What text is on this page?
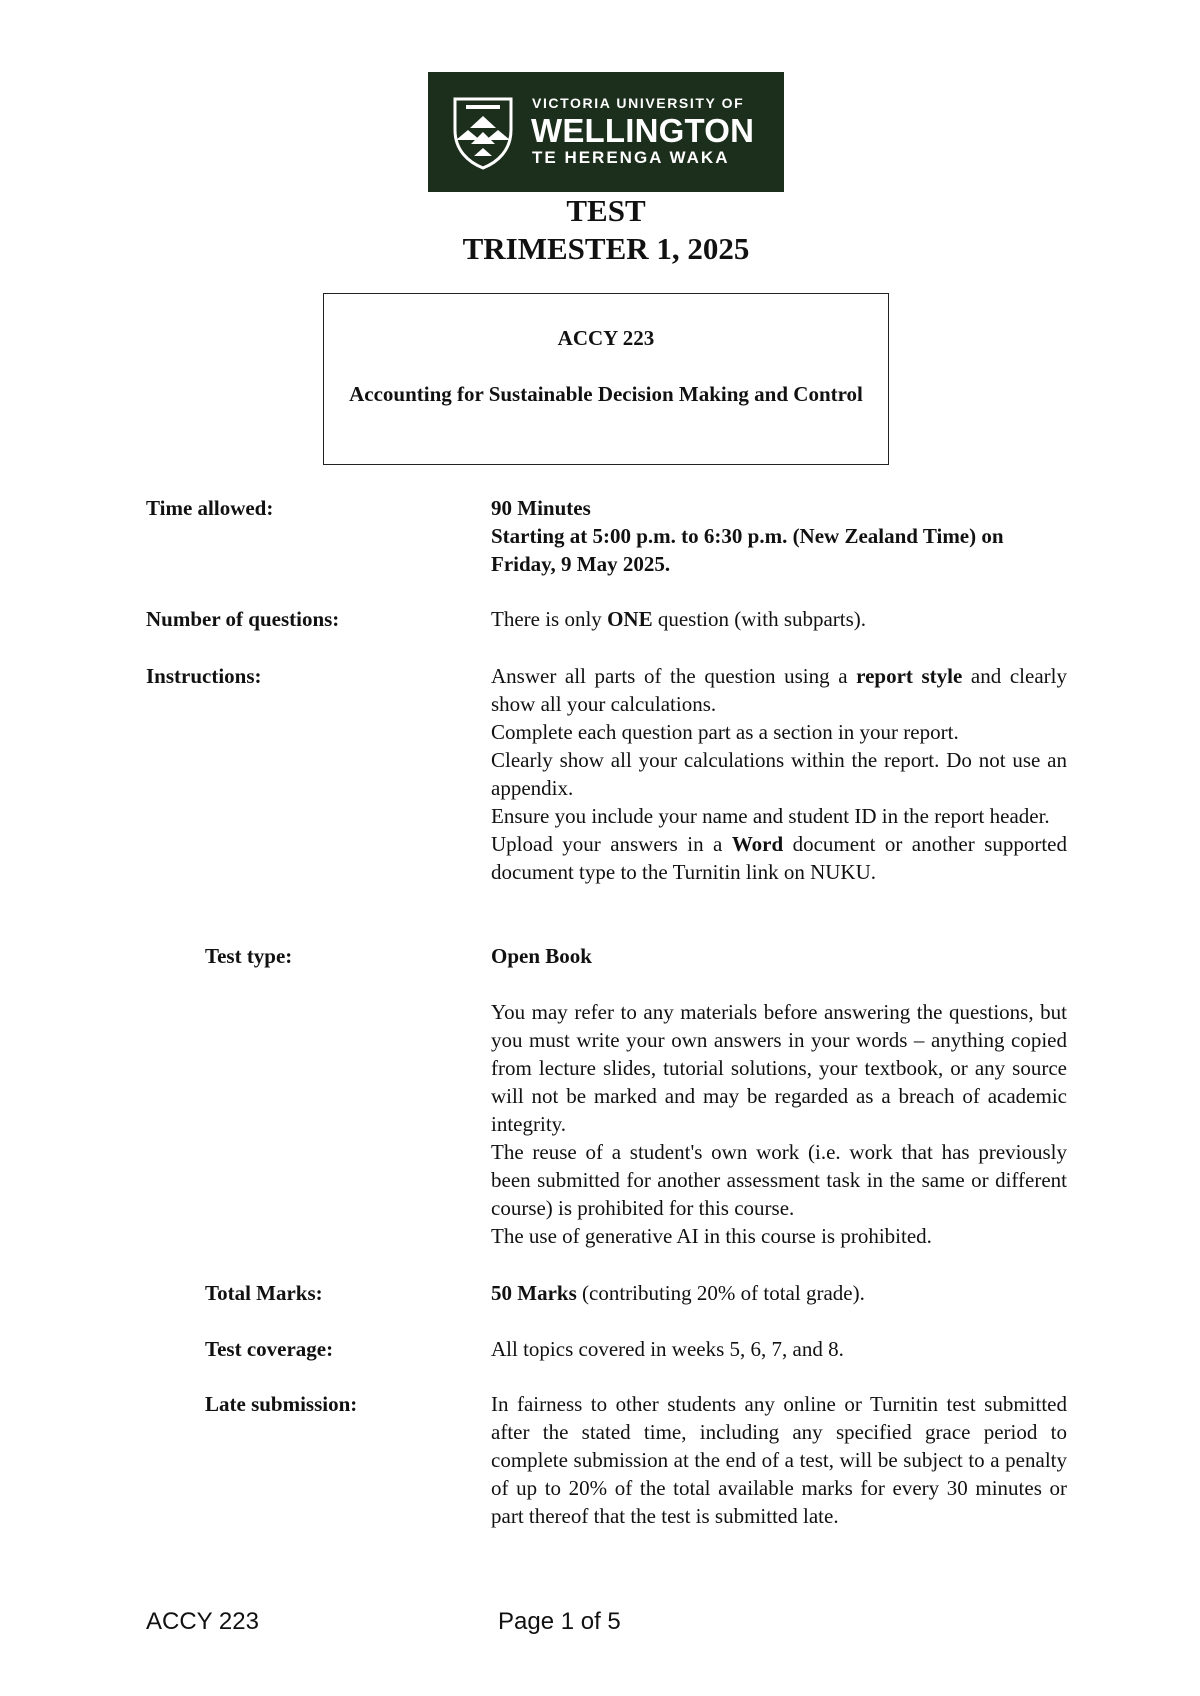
VICTORIA UNIVERSITY OF
WELLINGTON
TE HERENGA WAKA
TEST
TRIMESTER 1, 2025
ACCY 223
Accounting for Sustainable Decision Making and Control
Time allowed:	90 Minutes
Starting at 5:00 p.m. to 6:30 p.m. (New Zealand Time) on Friday, 9 May 2025.
Number of questions:	There is only ONE question (with subparts).
Instructions:	Answer all parts of the question using a report style and clearly show all your calculations.

Complete each question part as a section in your report.

Clearly show all your calculations within the report. Do not use an appendix.

Ensure you include your name and student ID in the report header.

Upload your answers in a Word document or another supported document type to the Turnitin link on NUKU.

Test type:	Open Book

You may refer to any materials before answering the questions, but you must write your own answers in your words – anything copied from lecture slides, tutorial solutions, your textbook, or any source will not be marked and may be regarded as a breach of academic integrity.

The reuse of a student's own work (i.e. work that has previously been submitted for another assessment task in the same or different course) is prohibited for this course.

The use of generative AI in this course is prohibited.

Total Marks:	50 Marks (contributing 20% of total grade).
Test coverage:	All topics covered in weeks 5, 6, 7, and 8.
Late submission:	In fairness to other students any online or Turnitin test submitted after the stated time, including any specified grace period to complete submission at the end of a test, will be subject to a penalty of up to 20% of the total available marks for every 30 minutes or part thereof that the test is submitted late.
ACCY 223	Page 1 of 5
